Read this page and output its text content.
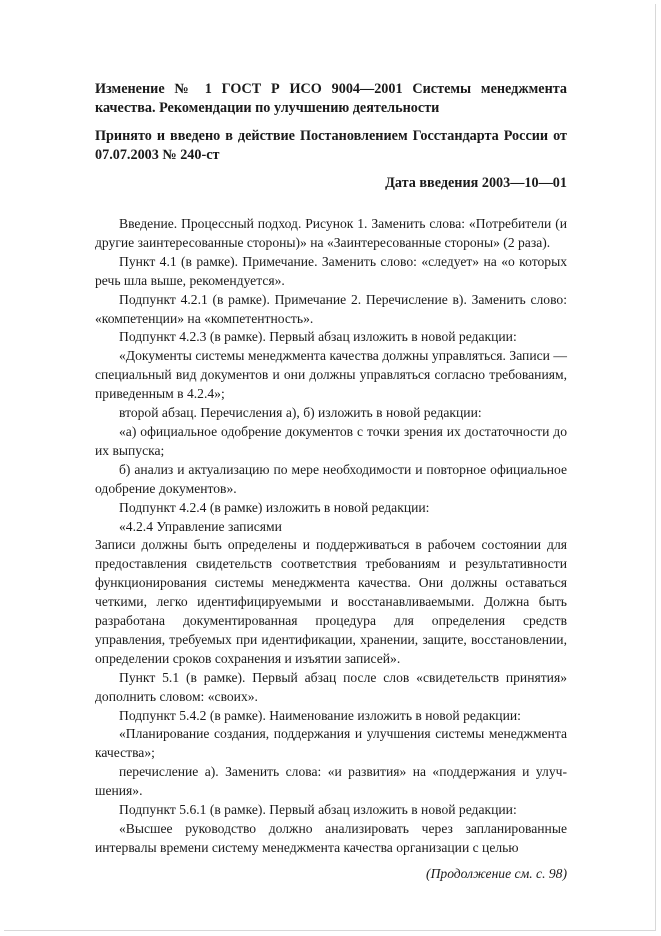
Изменение № 1 ГОСТ Р ИСО 9004—2001 Системы менеджмента качества. Рекомендации по улучшению деятельности

Принято и введено в действие Постановлением Госстандарта России от 07.07.2003 № 240-ст

Дата введения 2003—10—01

Введение. Процессный подход. Рисунок 1. Заменить слова: «Потребители (и другие заинтересованные стороны)» на «Заинтересованные стороны» (2 раза).

Пункт 4.1 (в рамке). Примечание. Заменить слово: «следует» на «о которых речь шла выше, рекомендуется».

Подпункт 4.2.1 (в рамке). Примечание 2. Перечисление в). Заменить слово: «компетенции» на «компетентность».

Подпункт 4.2.3 (в рамке). Первый абзац изложить в новой редакции:

«Документы системы менеджмента качества должны управляться. Записи — специальный вид документов и они должны управляться согласно требованиям, приведенным в 4.2.4»;

второй абзац. Перечисления а), б) изложить в новой редакции:

«а) официальное одобрение документов с точки зрения их достаточности до их выпуска;

б) анализ и актуализацию по мере необходимости и повторное официальное одобрение документов».

Подпункт 4.2.4 (в рамке) изложить в новой редакции:

«4.2.4 Управление записями

Записи должны быть определены и поддерживаться в рабочем состоянии для предоставления свидетельств соответствия требованиям и результативности функционирования системы менеджмента качества. Они должны оставаться четкими, легко идентифицируемыми и восстанавливаемыми. Должна быть разработана документированная процедура для определения средств управления, требуемых при идентификации, хранении, защите, восстановлении, определении сроков сохранения и изъятии записей».

Пункт 5.1 (в рамке). Первый абзац после слов «свидетельств принятия» дополнить словом: «своих».

Подпункт 5.4.2 (в рамке). Наименование изложить в новой редакции:

«Планирование создания, поддержания и улучшения системы менеджмента качества»;

перечисление а). Заменить слова: «и развития» на «поддержания и улучшения».

Подпункт 5.6.1 (в рамке). Первый абзац изложить в новой редакции:

«Высшее руководство должно анализировать через запланированные интервалы времени систему менеджмента качества организации с целью

(Продолжение см. с. 98)
